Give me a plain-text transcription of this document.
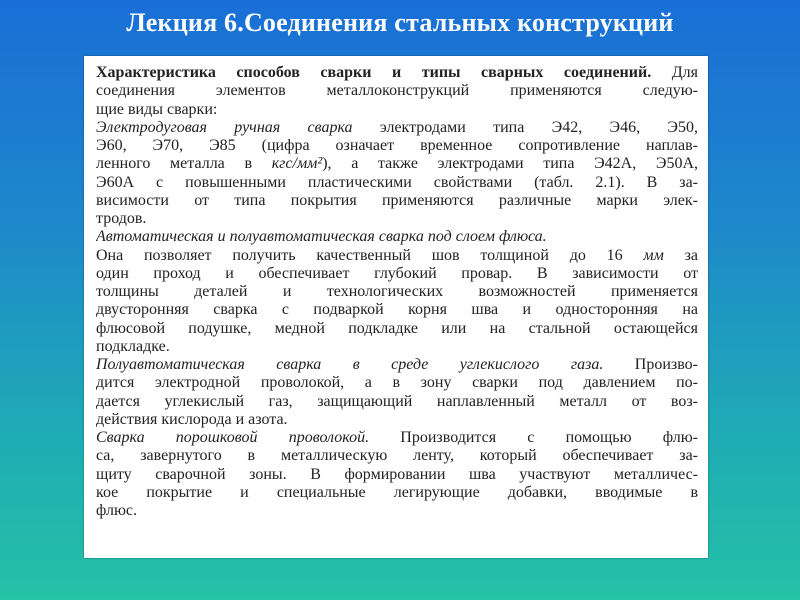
Лекция 6.Соединения стальных конструкций
Характеристика способов сварки и типы сварных соединений. Для
соединения элементов металлоконструкций применяются следую-
щие виды сварки:
Электродуговая ручная сварка электродами типа Э42, Э46, Э50,
Э60, Э70, Э85 (цифра означает временное сопротивление наплав-
ленного металла в кгс/мм²), а также электродами типа Э42А, Э50А,
Э60А с повышенными пластическими свойствами (табл. 2.1). В за-
висимости от типа покрытия применяются различные марки элек-
тродов.
Автоматическая и полуавтоматическая сварка под слоем флюса.
Она позволяет получить качественный шов толщиной до 16 мм за
один проход и обеспечивает глубокий провар. В зависимости от
толщины деталей и технологических возможностей применяется
двусторонняя сварка с подваркой корня шва и односторонняя на
флюсовой подушке, медной подкладке или на стальной остающейся
подкладке.
Полуавтоматическая сварка в среде углекислого газа. Произво-
дится электродной проволокой, а в зону сварки под давлением по-
дается углекислый газ, защищающий наплавленный металл от воз-
действия кислорода и азота.
Сварка порошковой проволокой. Производится с помощью флю-
са, завернутого в металлическую ленту, который обеспечивает за-
щиту сварочной зоны. В формировании шва участвуют металличес-
кое покрытие и специальные легирующие добавки, вводимые в
флюс.
